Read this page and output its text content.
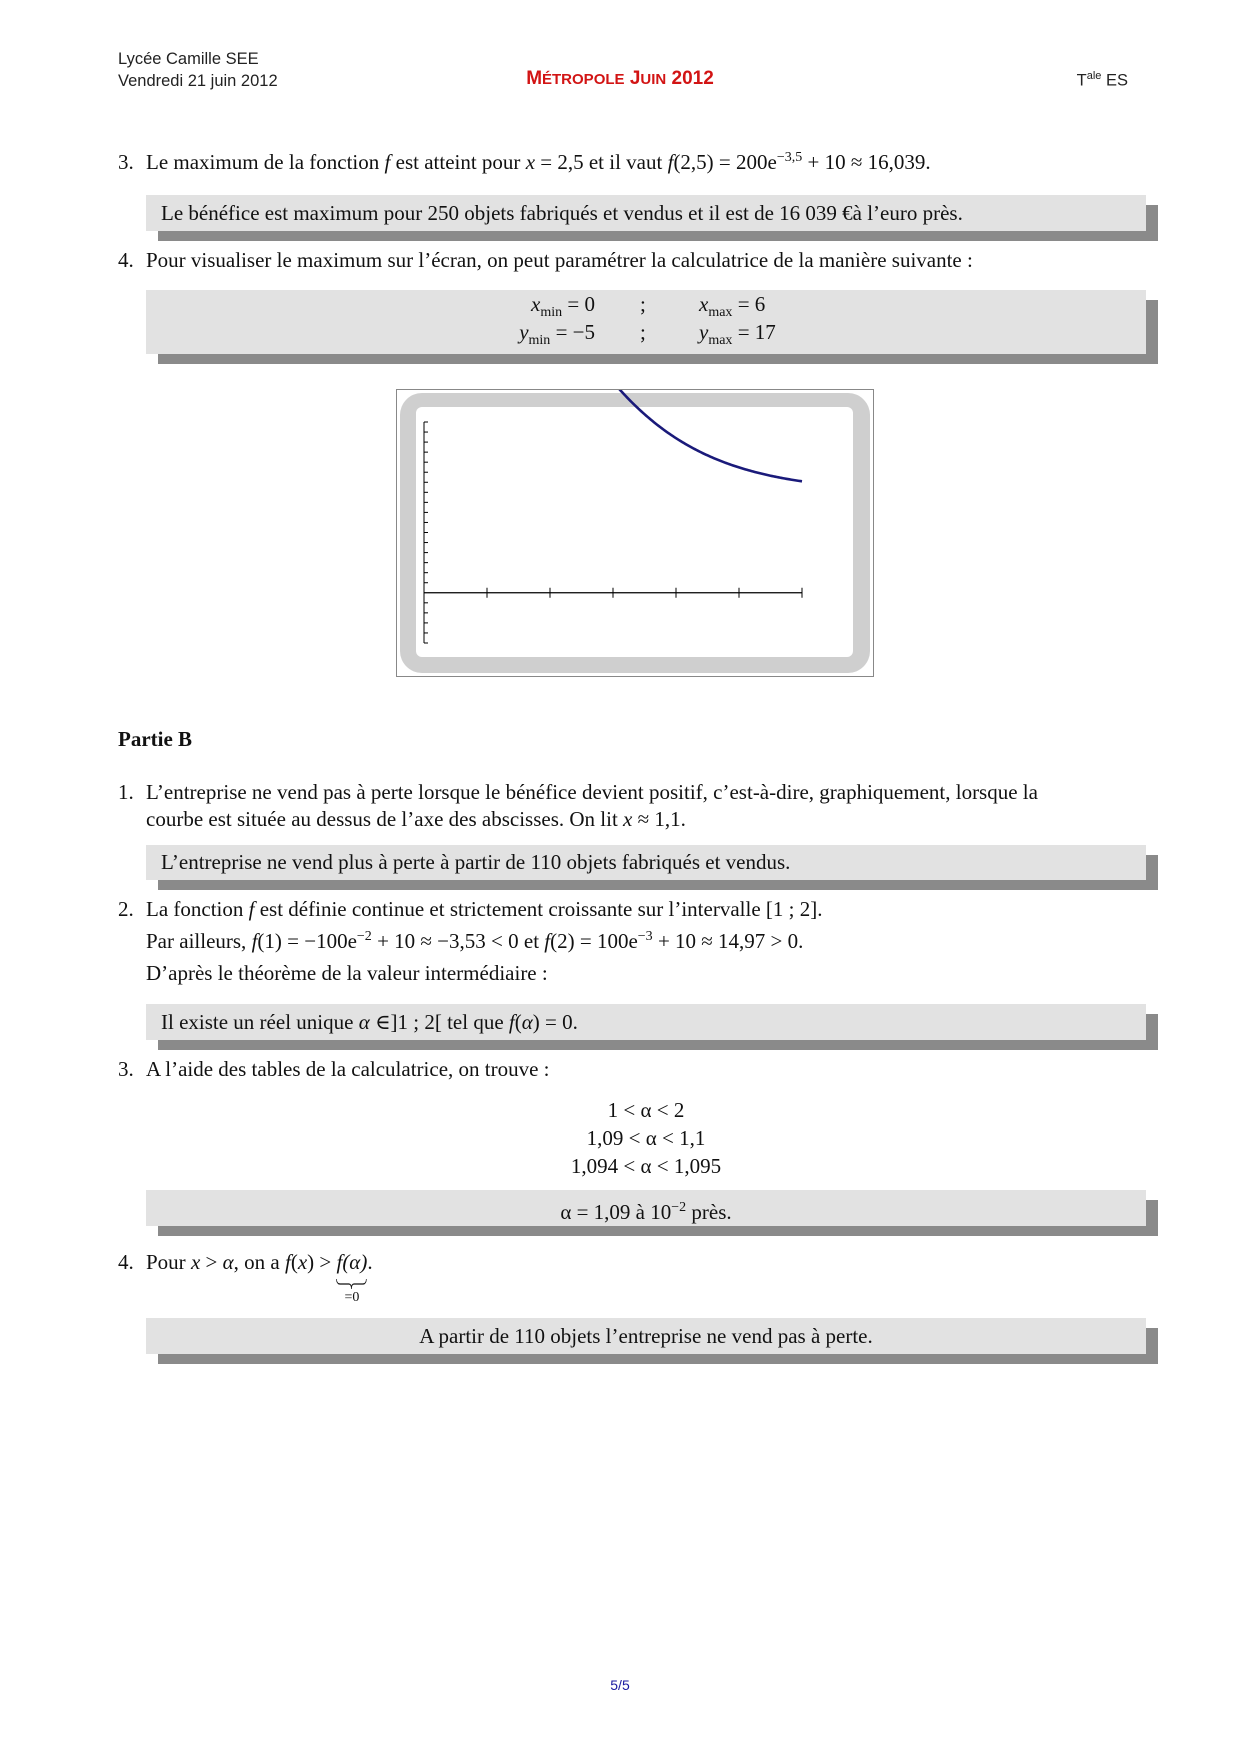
Lycée Camille SEE
Vendredi 21 juin 2012	MÉTROPOLE JUIN 2012	$T^{ale}$ ES
3. Le maximum de la fonction f est atteint pour x = 2,5 et il vaut $f(2,5) = 200e^{-3,5} + 10 \approx 16,039$.
Le bénéfice est maximum pour 250 objets fabriqués et vendus et il est de 16 039 €à l’euro près.
4. Pour visualiser le maximum sur l’écran, on peut paramétrer la calculatrice de la manière suivante :
$x_{min} = 0$ ;	$x_{max} = 6$
$y_{min} = -5$ ;	$y_{max} = 17$
Partie B
1. L’entreprise ne vend pas à perte lorsque le bénéfice devient positif, c’est-à-dire, graphiquement, lorsque la
courbe est située au dessus de l’axe des abscisses. On lit x ≈ 1,1.
L’entreprise ne vend plus à perte à partir de 110 objets fabriqués et vendus.
2. La fonction f est définie continue et strictement croissante sur l’intervalle [1 ; 2].
Par ailleurs, $f(1) = -100e^{-2} + 10 \approx -3,53 < 0$ et $f(2) = 100e^{-3} + 10 \approx 14,97 > 0$.
D’après le théorème de la valeur intermédiaire :
Il existe un réel unique α ∈]1 ; 2[ tel que f(α) = 0.
3. A l’aide des tables de la calculatrice, on trouve :
1 < α < 2
1,09 < α < 1,1
1,094 < α < 1,095
α = 1,09 à $10^{-2}$ près.
4. Pour x > α, on a f(x) > f(α)
=0
.
A partir de 110 objets l’entreprise ne vend pas à perte.
5/5
